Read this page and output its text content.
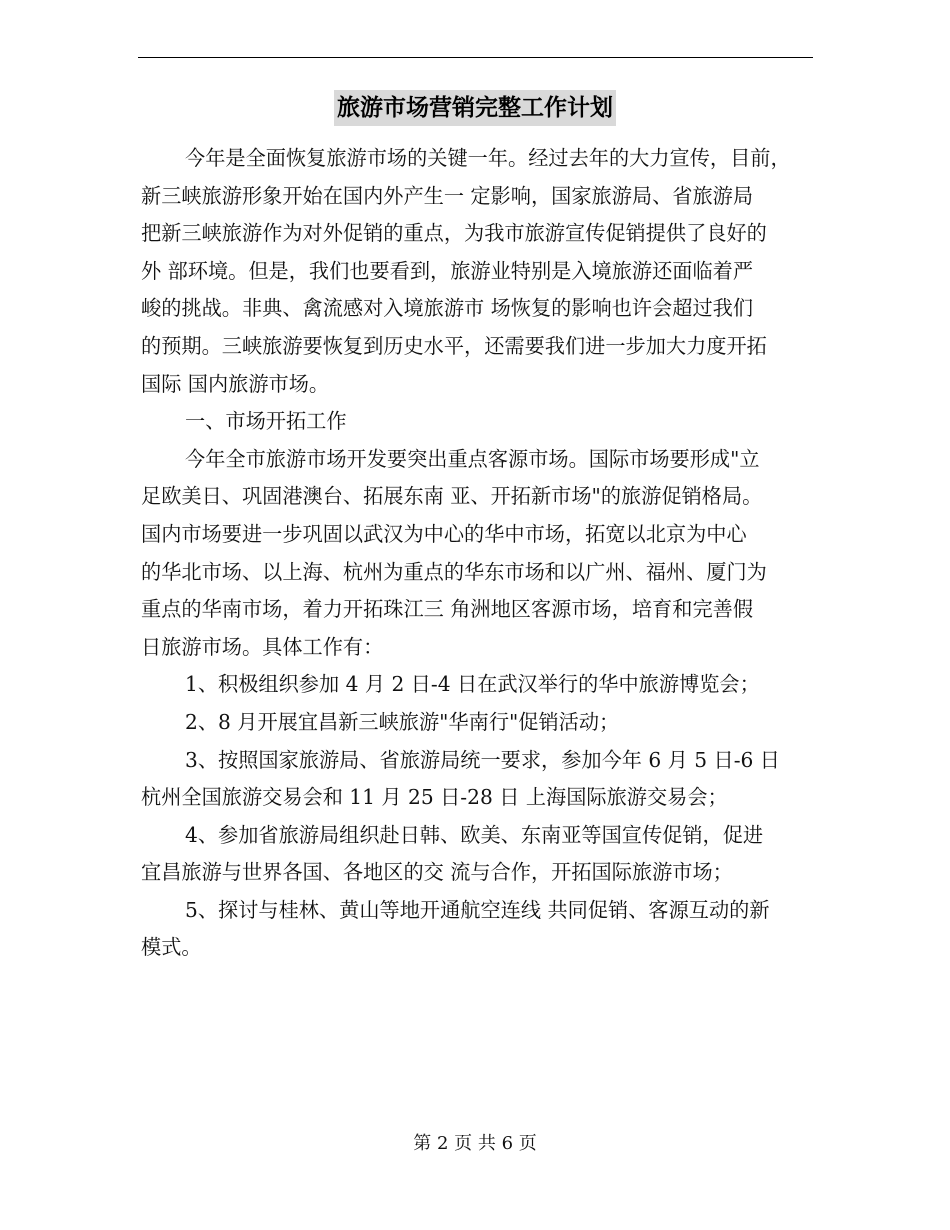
旅游市场营销完整工作计划
今年是全面恢复旅游市场的关键一年。经过去年的大力宣传，目前，
新三峡旅游形象开始在国内外产生一 定影响，国家旅游局、省旅游局
把新三峡旅游作为对外促销的重点，为我市旅游宣传促销提供了良好的
外 部环境。但是，我们也要看到，旅游业特别是入境旅游还面临着严
峻的挑战。非典、禽流感对入境旅游市 场恢复的影响也许会超过我们
的预期。三峡旅游要恢复到历史水平，还需要我们进一步加大力度开拓
国际 国内旅游市场。
一、市场开拓工作
今年全市旅游市场开发要突出重点客源市场。国际市场要形成"立
足欧美日、巩固港澳台、拓展东南 亚、开拓新市场"的旅游促销格局。
国内市场要进一步巩固以武汉为中心的华中市场，拓宽以北京为中心
的华北市场、以上海、杭州为重点的华东市场和以广州、福州、厦门为
重点的华南市场，着力开拓珠江三 角洲地区客源市场，培育和完善假
日旅游市场。具体工作有：
1、积极组织参加 4 月 2 日-4 日在武汉举行的华中旅游博览会；
2、8 月开展宜昌新三峡旅游"华南行"促销活动；
3、按照国家旅游局、省旅游局统一要求，参加今年 6 月 5 日-6 日
杭州全国旅游交易会和 11 月 25 日-28 日 上海国际旅游交易会；
4、参加省旅游局组织赴日韩、欧美、东南亚等国宣传促销，促进
宜昌旅游与世界各国、各地区的交 流与合作，开拓国际旅游市场；
5、探讨与桂林、黄山等地开通航空连线 共同促销、客源互动的新
模式。
第 2 页 共 6 页
